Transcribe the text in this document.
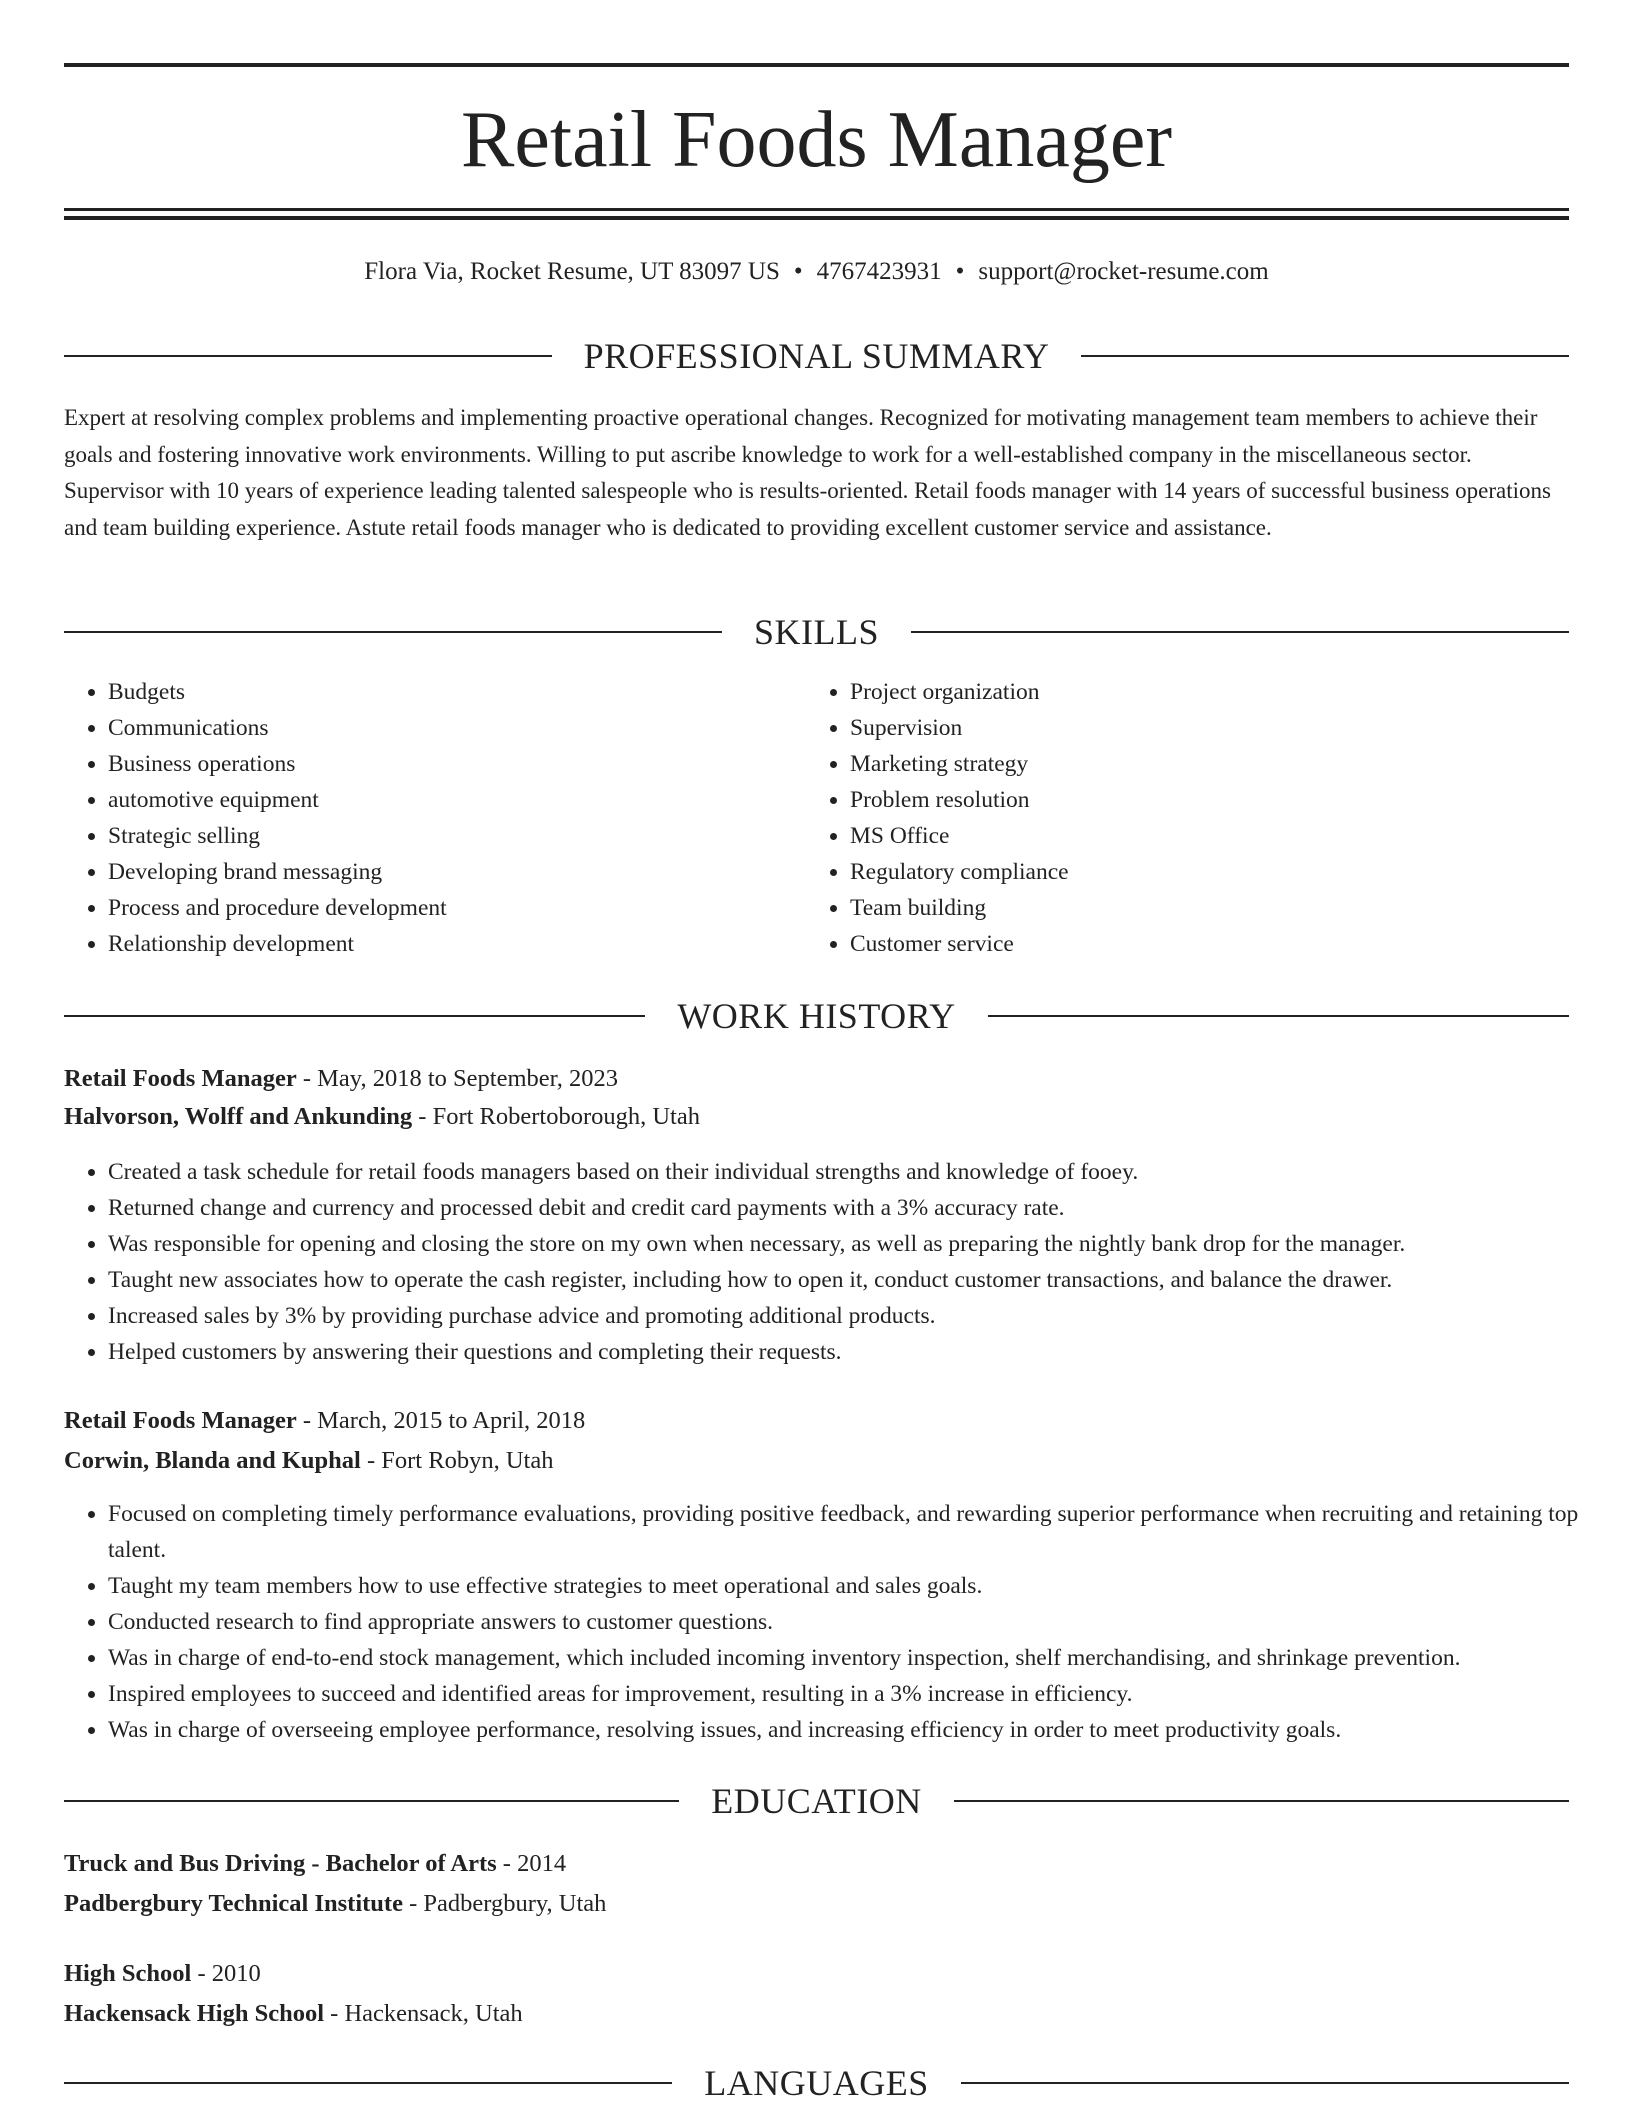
Retail Foods Manager
Flora Via, Rocket Resume, UT 83097 US • 4767423931 • support@rocket-resume.com
PROFESSIONAL SUMMARY

Expert at resolving complex problems and implementing proactive operational changes. Recognized for motivating management team members to achieve their goals and fostering innovative work environments. Willing to put ascribe knowledge to work for a well-established company in the miscellaneous sector. Supervisor with 10 years of experience leading talented salespeople who is results-oriented. Retail foods manager with 14 years of successful business operations and team building experience. Astute retail foods manager who is dedicated to providing excellent customer service and assistance.

SKILLS
• Budgets
• Communications
• Business operations
• automotive equipment
• Strategic selling
• Developing brand messaging
• Process and procedure development
• Relationship development
• Project organization
• Supervision
• Marketing strategy
• Problem resolution
• MS Office
• Regulatory compliance
• Team building
• Customer service
WORK HISTORY
Retail Foods Manager - May, 2018 to September, 2023
Halvorson, Wolff and Ankunding - Fort Robertoborough, Utah
• Created a task schedule for retail foods managers based on their individual strengths and knowledge of fooey.
• Returned change and currency and processed debit and credit card payments with a 3% accuracy rate.
• Was responsible for opening and closing the store on my own when necessary, as well as preparing the nightly bank drop for the manager.
• Taught new associates how to operate the cash register, including how to open it, conduct customer transactions, and balance the drawer.
• Increased sales by 3% by providing purchase advice and promoting additional products.
• Helped customers by answering their questions and completing their requests.
Retail Foods Manager - March, 2015 to April, 2018
Corwin, Blanda and Kuphal - Fort Robyn, Utah
• Focused on completing timely performance evaluations, providing positive feedback, and rewarding superior performance when recruiting and retaining top talent.
• Taught my team members how to use effective strategies to meet operational and sales goals.
• Conducted research to find appropriate answers to customer questions.
• Was in charge of end-to-end stock management, which included incoming inventory inspection, shelf merchandising, and shrinkage prevention.
• Inspired employees to succeed and identified areas for improvement, resulting in a 3% increase in efficiency.
• Was in charge of overseeing employee performance, resolving issues, and increasing efficiency in order to meet productivity goals.
EDUCATION
Truck and Bus Driving - Bachelor of Arts - 2014
Padbergbury Technical Institute - Padbergbury, Utah
High School - 2010
Hackensack High School - Hackensack, Utah
LANGUAGES
